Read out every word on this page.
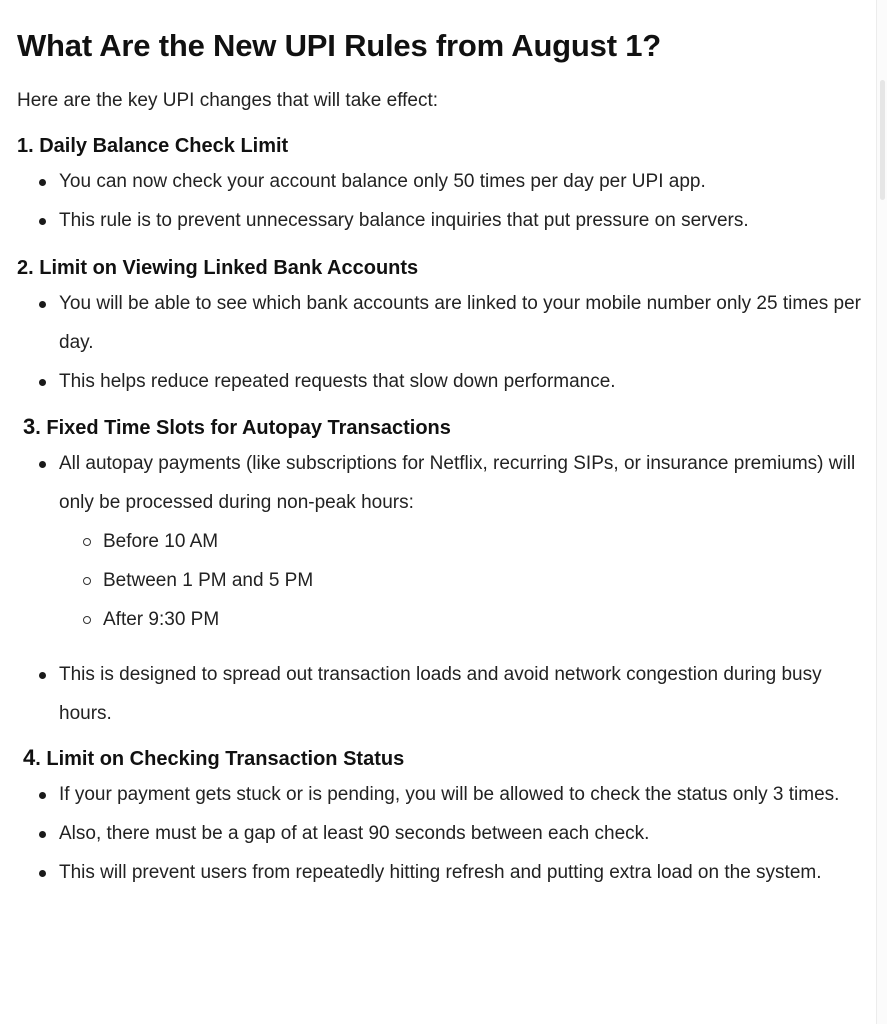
What Are the New UPI Rules from August 1?

Here are the key UPI changes that will take effect:

1. Daily Balance Check Limit
You can now check your account balance only 50 times per day per UPI app.
This rule is to prevent unnecessary balance inquiries that put pressure on servers.
2. Limit on Viewing Linked Bank Accounts
You will be able to see which bank accounts are linked to your mobile number only 25 times per day.
This helps reduce repeated requests that slow down performance.
3. Fixed Time Slots for Autopay Transactions
All autopay payments (like subscriptions for Netflix, recurring SIPs, or insurance premiums) will only be processed during non-peak hours:
Before 10 AM
Between 1 PM and 5 PM
After 9:30 PM
This is designed to spread out transaction loads and avoid network congestion during busy hours.
4. Limit on Checking Transaction Status
If your payment gets stuck or is pending, you will be allowed to check the status only 3 times.
Also, there must be a gap of at least 90 seconds between each check.
This will prevent users from repeatedly hitting refresh and putting extra load on the system.
